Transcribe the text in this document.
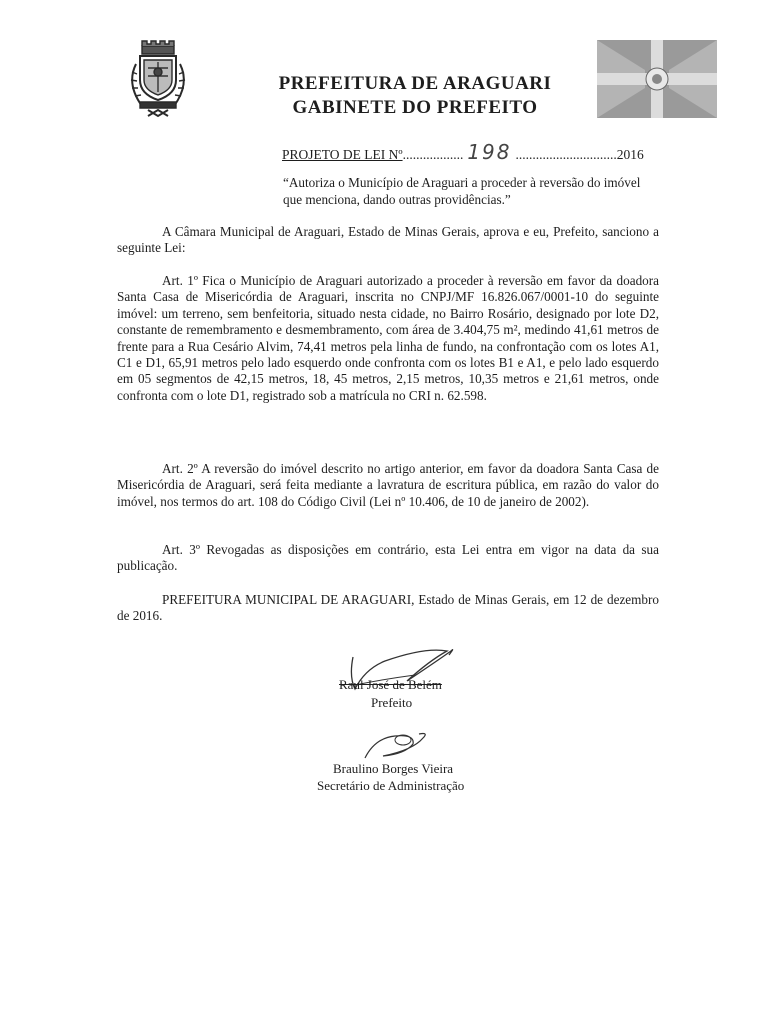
PREFEITURA DE ARAGUARI
GABINETE DO PREFEITO
PROJETO DE LEI Nº.................. 198 ..............................2016
“Autoriza o Município de Araguari a proceder à reversão do imóvel que menciona, dando outras providências.”

A Câmara Municipal de Araguari, Estado de Minas Gerais, aprova e eu, Prefeito, sanciono a seguinte Lei:

Art. 1º Fica o Município de Araguari autorizado a proceder à reversão em favor da doadora Santa Casa de Misericórdia de Araguari, inscrita no CNPJ/MF 16.826.067/0001-10 do seguinte imóvel: um terreno, sem benfeitoria, situado nesta cidade, no Bairro Rosário, designado por lote D2, constante de remembramento e desmembramento, com área de 3.404,75 m², medindo 41,61 metros de frente para a Rua Cesário Alvim, 74,41 metros pela linha de fundo, na confrontação com os lotes A1, C1 e D1, 65,91 metros pelo lado esquerdo onde confronta com os lotes B1 e A1, e pelo lado esquerdo em 05 segmentos de 42,15 metros, 18, 45 metros, 2,15 metros, 10,35 metros e 21,61 metros, onde confronta com o lote D1, registrado sob a matrícula no CRI n. 62.598.

Art. 2º A reversão do imóvel descrito no artigo anterior, em favor da doadora Santa Casa de Misericórdia de Araguari, será feita mediante a lavratura de escritura pública, em razão do valor do imóvel, nos termos do art. 108 do Código Civil (Lei nº 10.406, de 10 de janeiro de 2002).

Art. 3º Revogadas as disposições em contrário, esta Lei entra em vigor na data da sua publicação.

PREFEITURA MUNICIPAL DE ARAGUARI, Estado de Minas Gerais, em 12 de dezembro de 2016.

Raul José de Belém
Prefeito
Braulino Borges Vieira
Secretário de Administração
